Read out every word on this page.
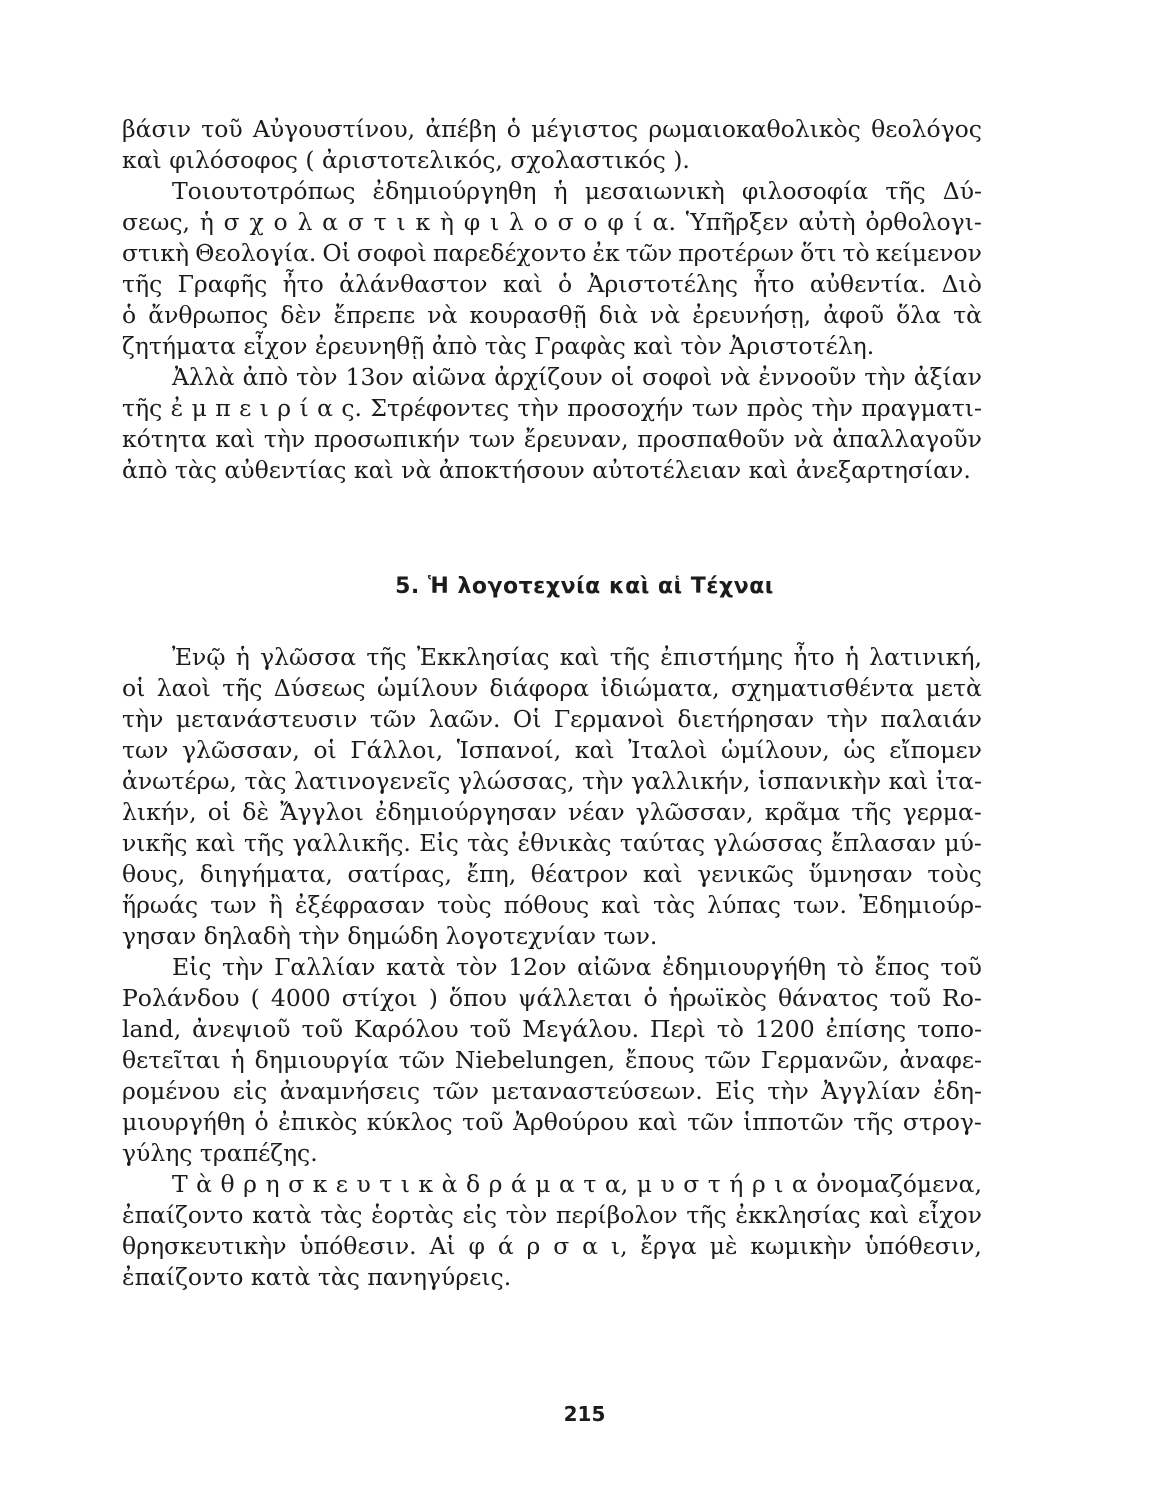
βάσιν τοῦ Αὐγουστίνου, ἀπέβη ὁ μέγιστος ρωμαιοκαθολικὸς θεολόγος
καὶ φιλόσοφος ( ἀριστοτελικός, σχολαστικός ).
Τοιουτοτρόπως ἐδημιούργηθη ἡ μεσαιωνικὴ φιλοσοφία τῆς Δύ-
σεως, ἡ σ χ ο λ α σ τ ι κ ὴ φ ι λ ο σ ο φ ί α. Ὑπῆρξεν αὐτὴ ὀρθολογι-
στικὴ Θεολογία. Οἱ σοφοὶ παρεδέχοντο ἐκ τῶν προτέρων ὅτι τὸ κείμενον
τῆς Γραφῆς ἦτο ἀλάνθαστον καὶ ὁ Ἀριστοτέλης ἦτο αὐθεντία. Διὸ
ὁ ἄνθρωπος δὲν ἔπρεπε νὰ κουρασθῇ διὰ νὰ ἐρευνήσῃ, ἀφοῦ ὅλα τὰ
ζητήματα εἶχον ἐρευνηθῇ ἀπὸ τὰς Γραφὰς καὶ τὸν Ἀριστοτέλη.
Ἀλλὰ ἀπὸ τὸν 13ον αἰῶνα ἀρχίζουν οἱ σοφοὶ νὰ ἐννοοῦν τὴν ἀξίαν
τῆς ἐ μ π ε ι ρ ί α ς. Στρέφοντες τὴν προσοχήν των πρὸς τὴν πραγματι-
κότητα καὶ τὴν προσωπικήν των ἔρευναν, προσπαθοῦν νὰ ἀπαλλαγοῦν
ἀπὸ τὰς αὐθεντίας καὶ νὰ ἀποκτήσουν αὐτοτέλειαν καὶ ἀνεξαρτησίαν.
5. Ἡ λογοτεχνία καὶ αἱ Τέχναι
Ἐνῷ ἡ γλῶσσα τῆς Ἐκκλησίας καὶ τῆς ἐπιστήμης ἦτο ἡ λατινική,
οἱ λαοὶ τῆς Δύσεως ὡμίλουν διάφορα ἰδιώματα, σχηματισθέντα μετὰ
τὴν μετανάστευσιν τῶν λαῶν. Οἱ Γερμανοὶ διετήρησαν τὴν παλαιάν
των γλῶσσαν, οἱ Γάλλοι, Ἱσπανοί, καὶ Ἰταλοὶ ὡμίλουν, ὡς εἴπομεν
ἀνωτέρω, τὰς λατινογενεῖς γλώσσας, τὴν γαλλικήν, ἱσπανικὴν καὶ ἰτα-
λικήν, οἱ δὲ Ἄγγλοι ἐδημιούργησαν νέαν γλῶσσαν, κρᾶμα τῆς γερμα-
νικῆς καὶ τῆς γαλλικῆς. Εἰς τὰς ἐθνικὰς ταύτας γλώσσας ἔπλασαν μύ-
θους, διηγήματα, σατίρας, ἔπη, θέατρον καὶ γενικῶς ὕμνησαν τοὺς
ἥρωάς των ἢ ἐξέφρασαν τοὺς πόθους καὶ τὰς λύπας των. Ἐδημιούρ-
γησαν δηλαδὴ τὴν δημώδη λογοτεχνίαν των.
Εἰς τὴν Γαλλίαν κατὰ τὸν 12ον αἰῶνα ἐδημιουργήθη τὸ ἔπος τοῦ
Ρολάνδου ( 4000 στίχοι ) ὅπου ψάλλεται ὁ ἡρωϊκὸς θάνατος τοῦ Ro-
land, ἀνεψιοῦ τοῦ Καρόλου τοῦ Μεγάλου. Περὶ τὸ 1200 ἐπίσης τοπο-
θετεῖται ἡ δημιουργία τῶν Niebelungen, ἔπους τῶν Γερμανῶν, ἀναφε-
ρομένου εἰς ἀναμνήσεις τῶν μεταναστεύσεων. Εἰς τὴν Ἀγγλίαν ἐδη-
μιουργήθη ὁ ἐπικὸς κύκλος τοῦ Ἀρθούρου καὶ τῶν ἱπποτῶν τῆς στρογ-
γύλης τραπέζης.
Τ ὰ θ ρ η σ κ ε υ τ ι κ ὰ δ ρ ά μ α τ α, μ υ σ τ ή ρ ι α ὀνομαζόμενα,
ἐπαίζοντο κατὰ τὰς ἑορτὰς εἰς τὸν περίβολον τῆς ἐκκλησίας καὶ εἶχον
θρησκευτικὴν ὑπόθεσιν. Αἱ φ ά ρ σ α ι, ἔργα μὲ κωμικὴν ὑπόθεσιν,
ἐπαίζοντο κατὰ τὰς πανηγύρεις.
215
